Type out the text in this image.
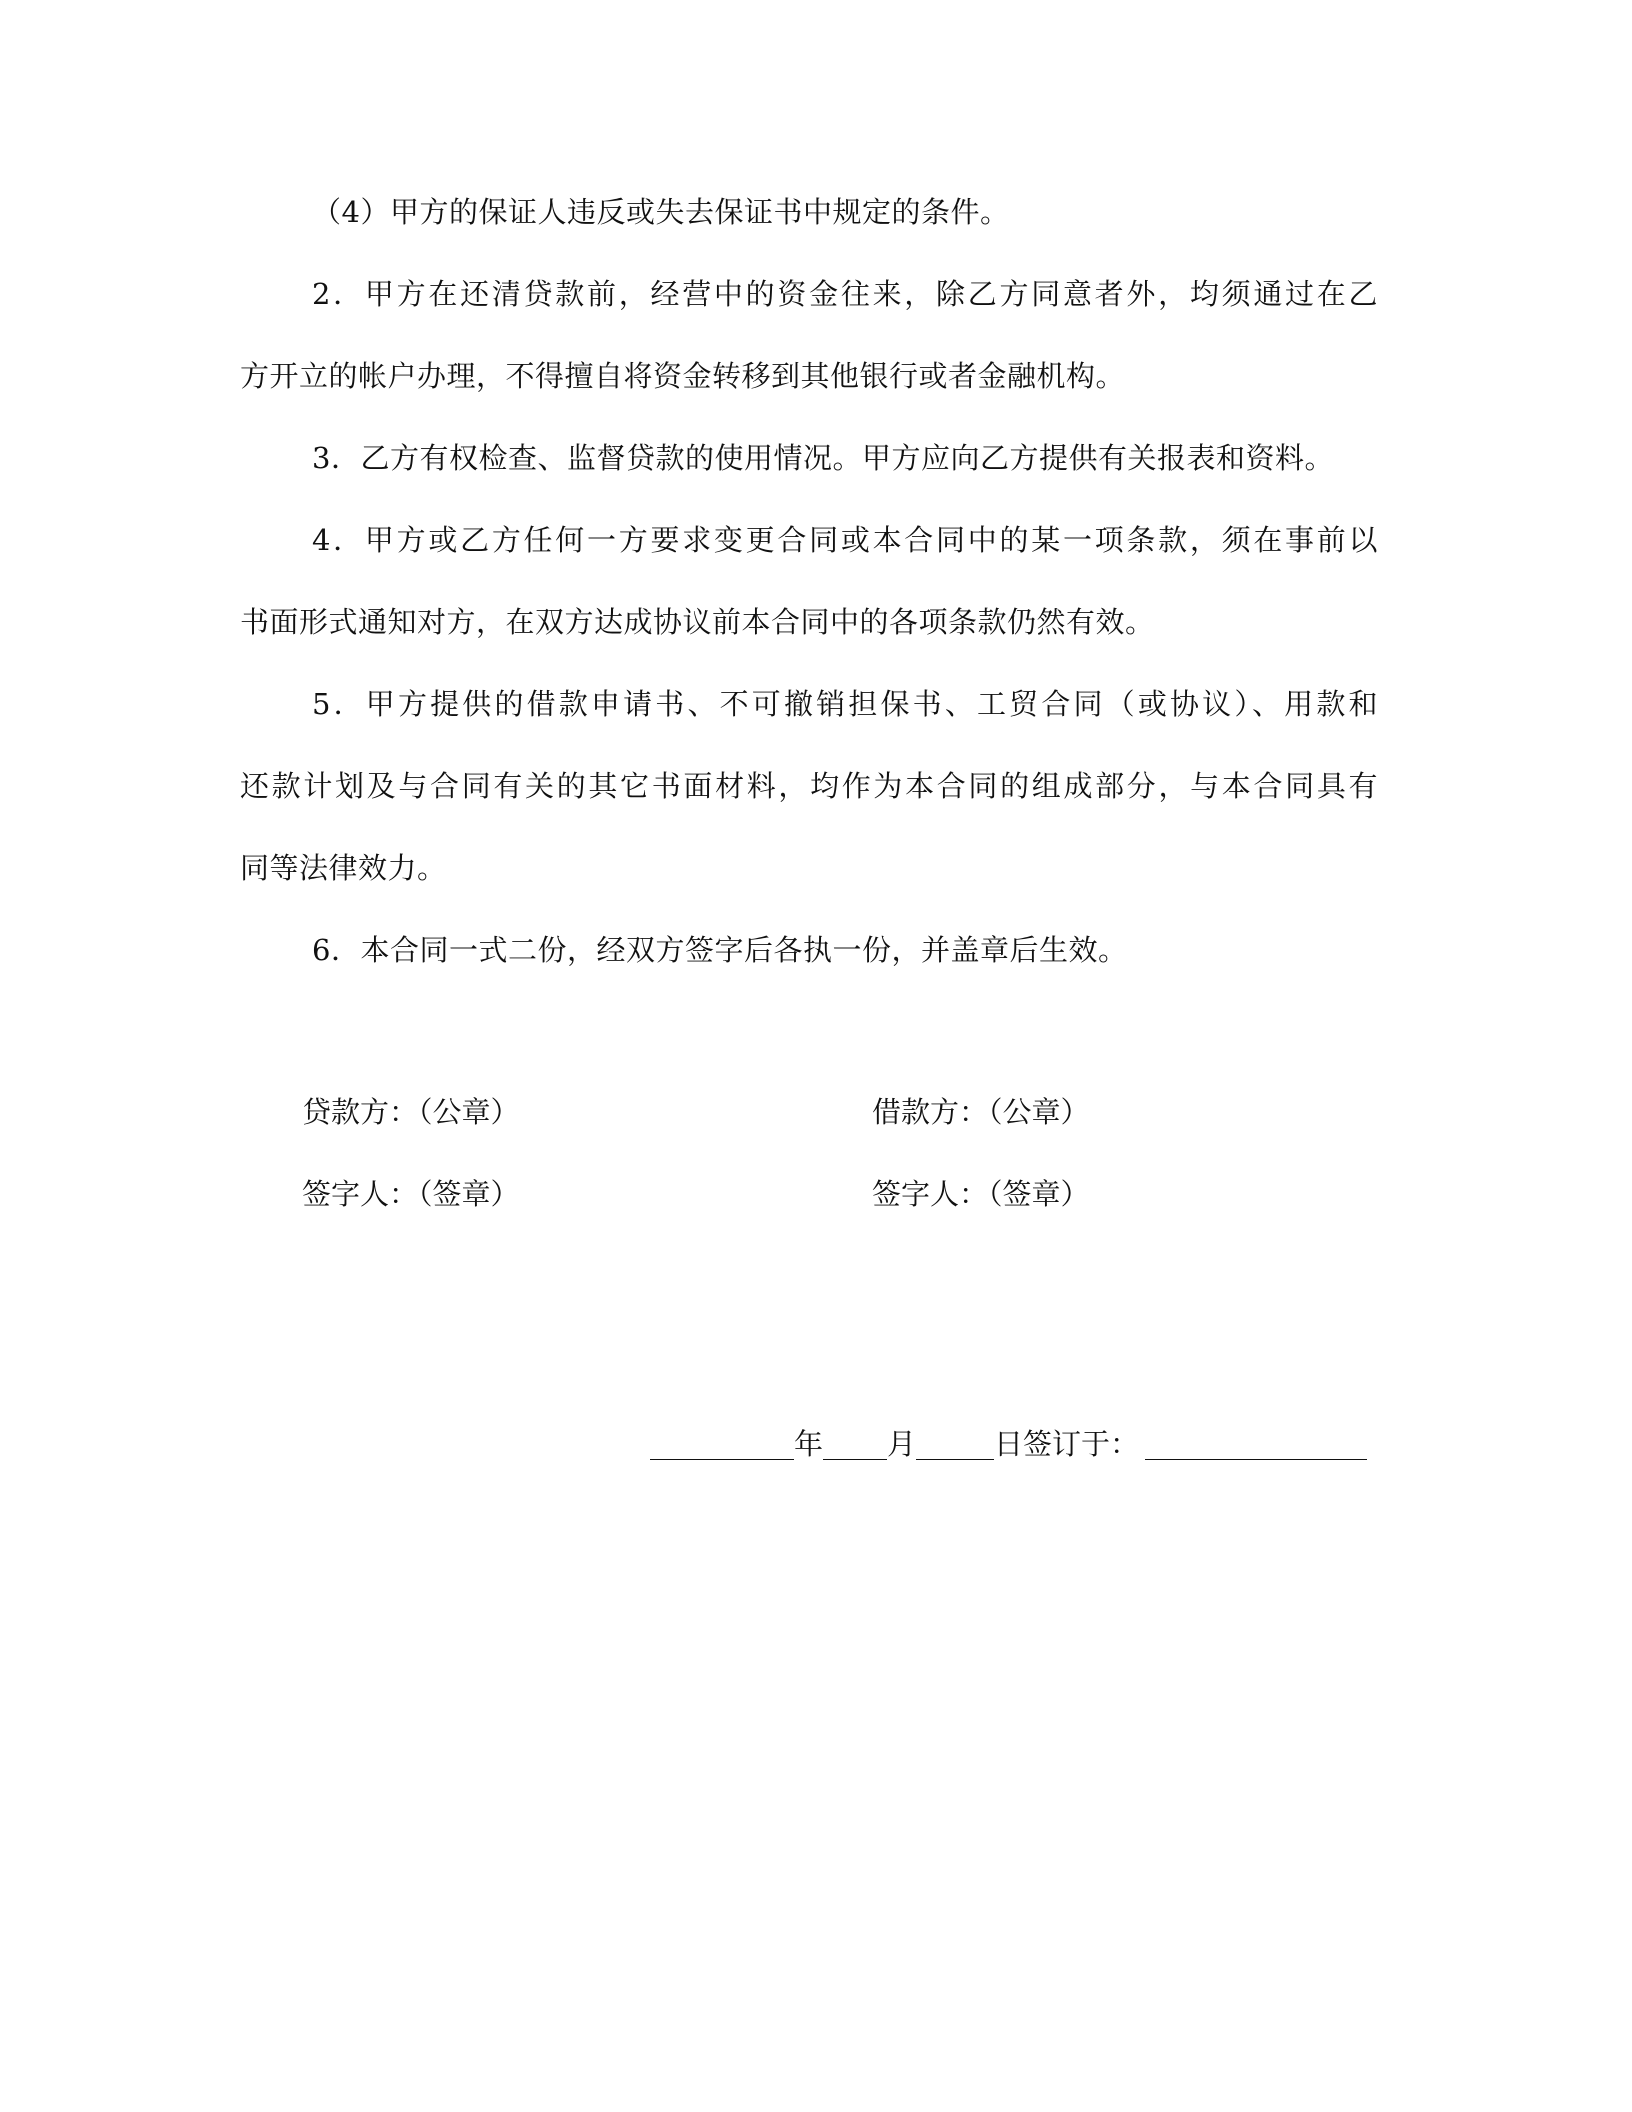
（4）甲方的保证人违反或失去保证书中规定的条件。
2．甲方在还清贷款前，经营中的资金往来，除乙方同意者外，均须通过在乙
方开立的帐户办理，不得擅自将资金转移到其他银行或者金融机构。
3．乙方有权检查、监督贷款的使用情况。甲方应向乙方提供有关报表和资料。
4．甲方或乙方任何一方要求变更合同或本合同中的某一项条款，须在事前以
书面形式通知对方，在双方达成协议前本合同中的各项条款仍然有效。
5．甲方提供的借款申请书、不可撤销担保书、工贸合同（或协议）、用款和
还款计划及与合同有关的其它书面材料，均作为本合同的组成部分，与本合同具有
同等法律效力。
6．本合同一式二份，经双方签字后各执一份，并盖章后生效。
贷款方：（公章）	借款方：（公章）
签字人：（签章）	签字人：（签章）
年 月	日签订于：
